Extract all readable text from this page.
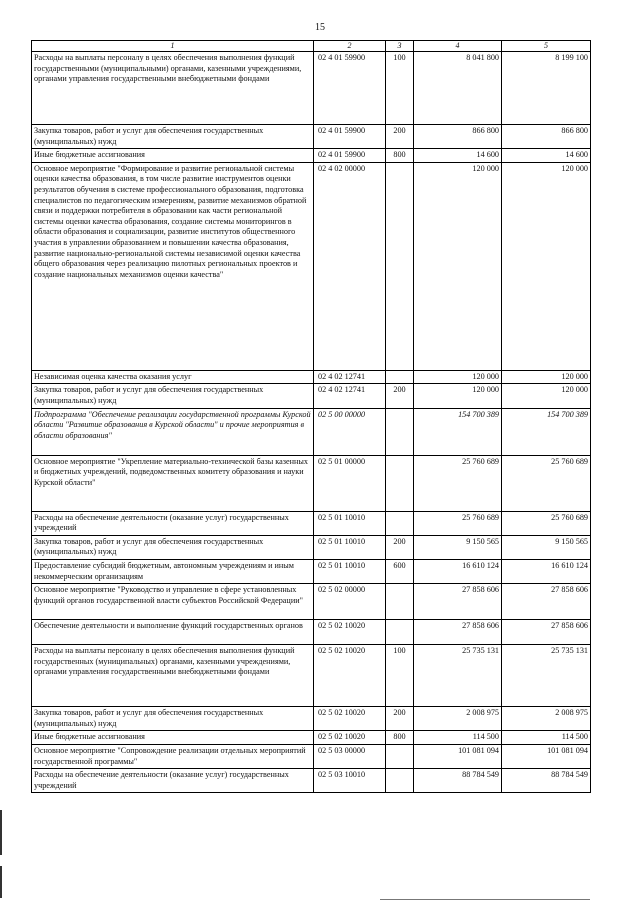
15
1	2	3	4	5
Расходы на выплаты персоналу в целях обеспечения выполнения функций государственными (муниципальными) органами, казенными учреждениями, органами управления государственными внебюджетными фондами	02 4 01 59900	100	8 041 800	8 199 100
Закупка товаров, работ и услуг для обеспечения государственных (муниципальных) нужд	02 4 01 59900	200	866 800	866 800
Иные бюджетные ассигнования	02 4 01 59900	800	14 600	14 600
Основное мероприятие "Формирование и развитие региональной системы оценки качества образования, в том числе развитие инструментов оценки результатов обучения в системе профессионального образования, подготовка специалистов по педагогическим измерениям, развитие механизмов обратной связи и поддержки потребителя в образовании как части региональной системы оценки качества образования, создание системы мониторингов в области образования и социализации, развитие институтов общественного участия в управлении образованием и повышении качества образования, развитие национально-региональной системы независимой оценки качества общего образования через реализацию пилотных региональных проектов и создание национальных механизмов оценки качества"	02 4 02 00000		120 000	120 000
Независимая оценка качества оказания услуг	02 4 02 12741		120 000	120 000
Закупка товаров, работ и услуг для обеспечения государственных (муниципальных) нужд	02 4 02 12741	200	120 000	120 000
Подпрограмма "Обеспечение реализации государственной программы Курской области "Развитие образования в Курской области" и прочие мероприятия в области образования"	02 5 00 00000		154 700 389	154 700 389
Основное мероприятие "Укрепление материально-технической базы казенных и бюджетных учреждений, подведомственных комитету образования и науки Курской области"	02 5 01 00000		25 760 689	25 760 689
Расходы на обеспечение деятельности (оказание услуг) государственных учреждений	02 5 01 10010		25 760 689	25 760 689
Закупка товаров, работ и услуг для обеспечения государственных (муниципальных) нужд	02 5 01 10010	200	9 150 565	9 150 565
Предоставление субсидий бюджетным, автономным учреждениям и иным некоммерческим организациям	02 5 01 10010	600	16 610 124	16 610 124
Основное мероприятие "Руководство и управление в сфере установленных функций органов государственной власти субъектов Российской Федерации"	02 5 02 00000		27 858 606	27 858 606
Обеспечение деятельности и выполнение функций государственных органов	02 5 02 10020		27 858 606	27 858 606
Расходы на выплаты персоналу в целях обеспечения выполнения функций государственных (муниципальных) органами, казенными учреждениями, органами управления государственными внебюджетными фондами	02 5 02 10020	100	25 735 131	25 735 131
Закупка товаров, работ и услуг для обеспечения государственных (муниципальных) нужд	02 5 02 10020	200	2 008 975	2 008 975
Иные бюджетные ассигнования	02 5 02 10020	800	114 500	114 500
Основное мероприятие "Сопровождение реализации отдельных мероприятий государственной программы"	02 5 03 00000		101 081 094	101 081 094
Расходы на обеспечение деятельности (оказание услуг) государственных учреждений	02 5 03 10010		88 784 549	88 784 549
